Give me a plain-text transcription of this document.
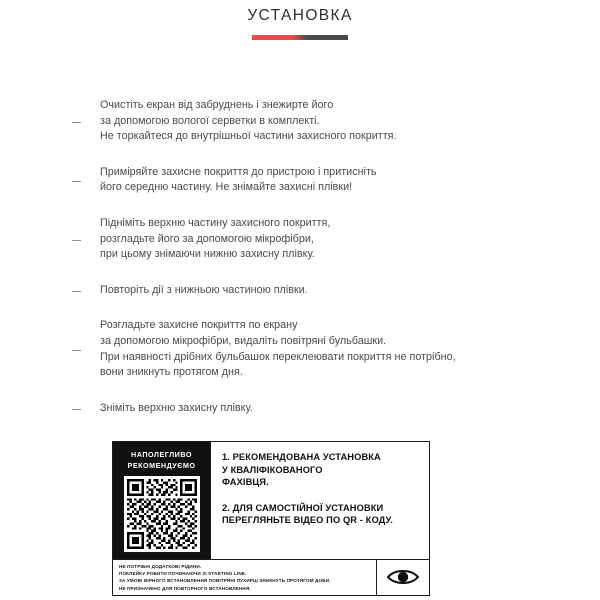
УСТАНОВКА
Очистіть екран від забруднень і знежирте його
за допомогою вологої серветки в комплекті.
Не торкайтеся до внутрішньої частини захисного покриття.
Приміряйте захисне покриття до пристрою і притисніть
його середню частину. Не знімайте захисні плівки!
Підніміть верхню частину захисного покриття,
розгладьте його за допомогою мікрофібри,
при цьому знімаючи нижню захисну плівку.
Повторіть дії з нижньою частиною плівки.
Розгладьте захисне покриття по екрану
за допомогою мікрофібри, видаліть повітряні бульбашки.
При наявності дрібних бульбашок переклеювати покриття не потрібно,
вони зникнуть протягом дня.
Зніміть верхню захисну плівку.
НАПОЛЕГЛИВО
РЕКОМЕНДУЄМО
1. РЕКОМЕНДОВАНА УСТАНОВКА
У КВАЛІФІКОВАНОГО
ФАХІВЦЯ.
2. ДЛЯ САМОСТІЙНОЇ УСТАНОВКИ
ПЕРЕГЛЯНЬТЕ ВІДЕО ПО QR - КОДУ.
НЕ ПОТРІБНІ ДОДАТКОВІ РІДИНИ.
ПОКЛЕЙКУ РОБИТИ ПОЧИНАЮЧИ ЗІ STARTING LINE.
ЗА УМОВІ ВІРНОГО ВСТАНОВЛЕННЯ ПОВІТРЯНІ ПУХИРЦІ ЗНИКНУТЬ ПРОТЯГОМ ДОБИ.
НЕ ПРИЗНАЧЕНО ДЛЯ ПОВТОРНОГО ВСТАНОВЛЕННЯ.
